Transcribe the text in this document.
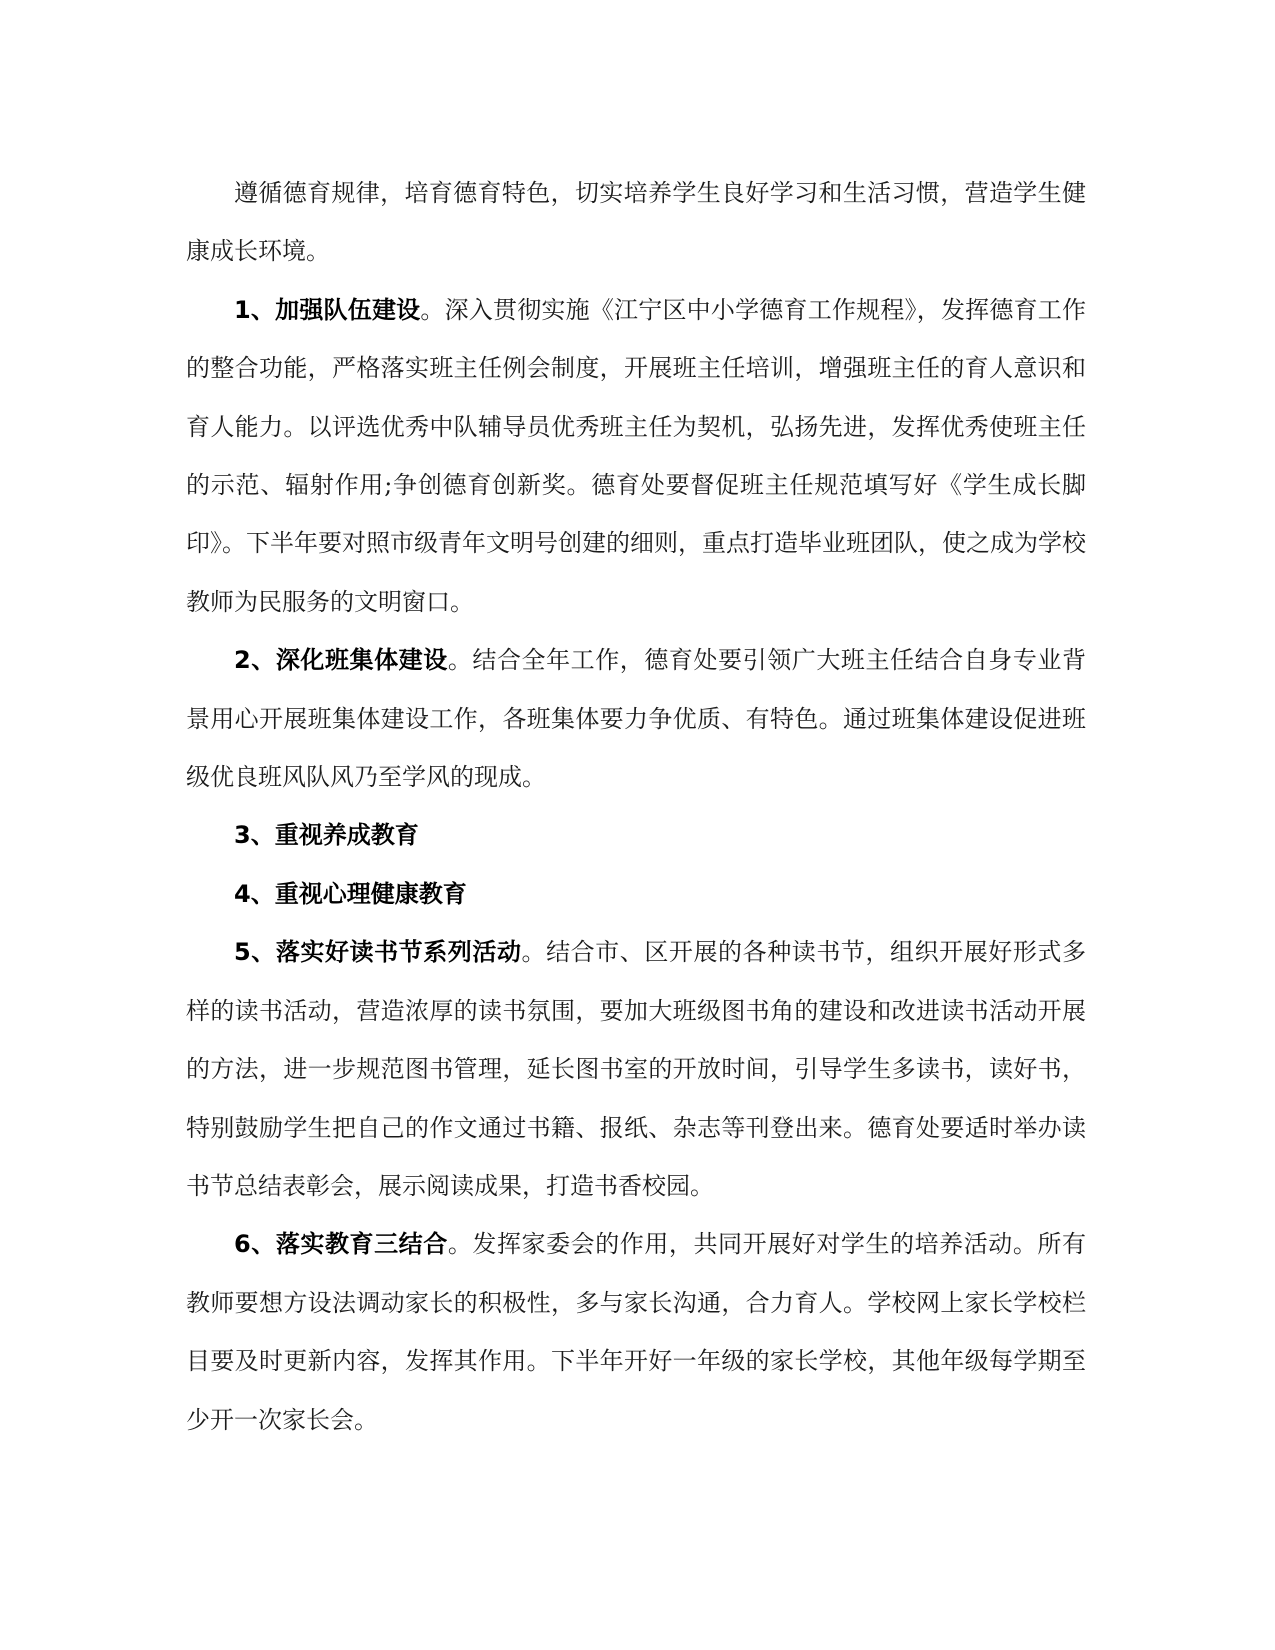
遵循德育规律，培育德育特色，切实培养学生良好学习和生活习惯，营造学生健康成长环境。

1、加强队伍建设。深入贯彻实施《江宁区中小学德育工作规程》，发挥德育工作的整合功能，严格落实班主任例会制度，开展班主任培训，增强班主任的育人意识和育人能力。以评选优秀中队辅导员优秀班主任为契机，弘扬先进，发挥优秀使班主任的示范、辐射作用;争创德育创新奖。德育处要督促班主任规范填写好《学生成长脚印》。下半年要对照市级青年文明号创建的细则，重点打造毕业班团队，使之成为学校教师为民服务的文明窗口。

2、深化班集体建设。结合全年工作，德育处要引领广大班主任结合自身专业背景用心开展班集体建设工作，各班集体要力争优质、有特色。通过班集体建设促进班级优良班风队风乃至学风的现成。

3、重视养成教育

4、重视心理健康教育

5、落实好读书节系列活动。结合市、区开展的各种读书节，组织开展好形式多样的读书活动，营造浓厚的读书氛围，要加大班级图书角的建设和改进读书活动开展的方法，进一步规范图书管理，延长图书室的开放时间，引导学生多读书，读好书，特别鼓励学生把自己的作文通过书籍、报纸、杂志等刊登出来。德育处要适时举办读书节总结表彰会，展示阅读成果，打造书香校园。

6、落实教育三结合。发挥家委会的作用，共同开展好对学生的培养活动。所有教师要想方设法调动家长的积极性，多与家长沟通，合力育人。学校网上家长学校栏目要及时更新内容，发挥其作用。下半年开好一年级的家长学校，其他年级每学期至少开一次家长会。
